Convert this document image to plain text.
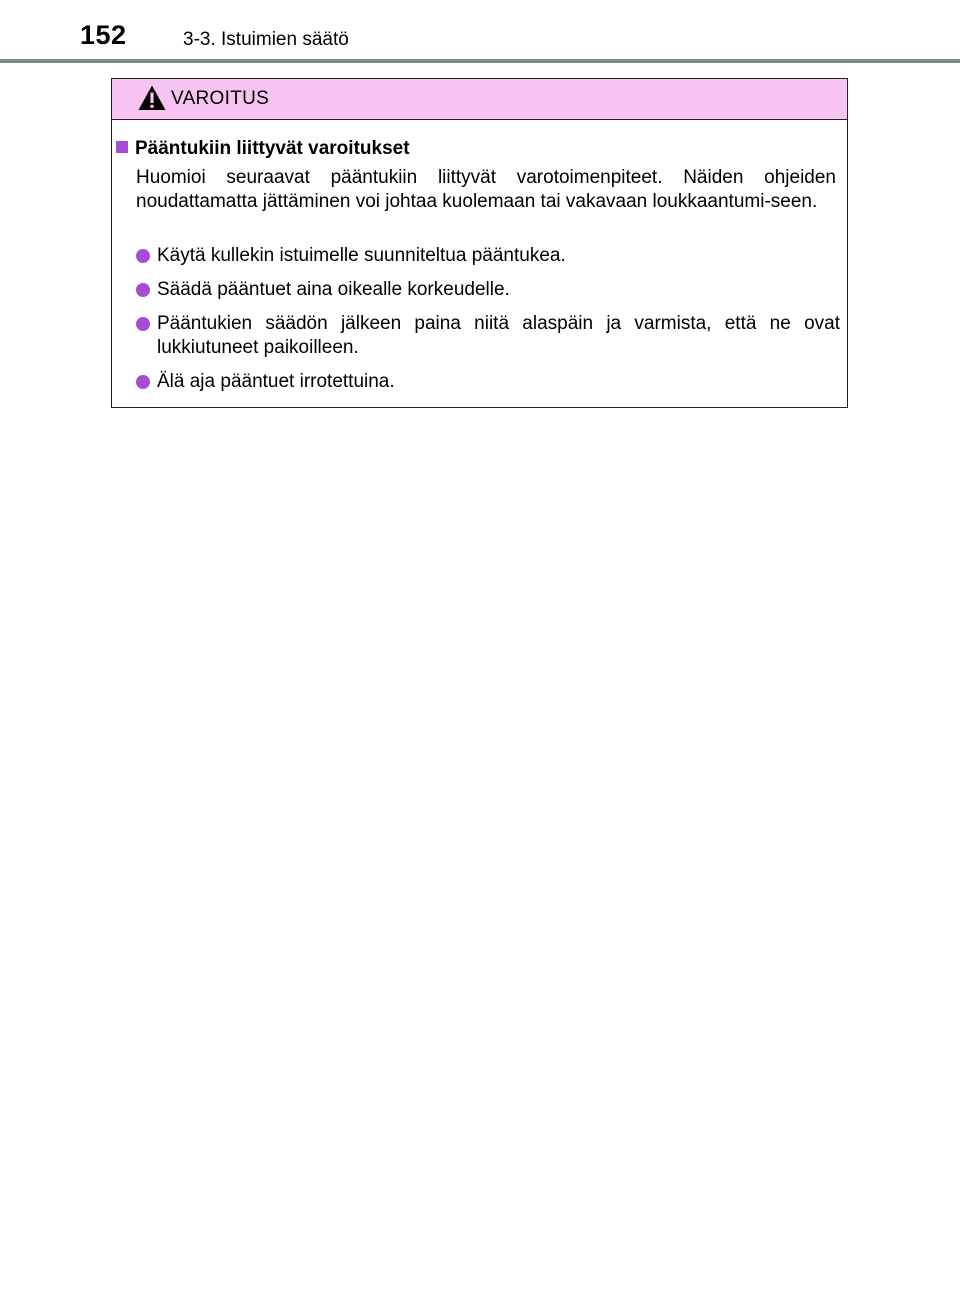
152	3-3. Istuimien säätö
VAROITUS
Pääntukiin liittyvät varoitukset

Huomioi seuraavat pääntukiin liittyvät varotoimenpiteet. Näiden ohjeiden noudattamatta jättäminen voi johtaa kuolemaan tai vakavaan loukkaantumi-seen.

Käytä kullekin istuimelle suunniteltua pääntukea.
Säädä pääntuet aina oikealle korkeudelle.
Pääntukien säädön jälkeen paina niitä alaspäin ja varmista, että ne ovat lukkiutuneet paikoilleen.
Älä aja pääntuet irrotettuina.
